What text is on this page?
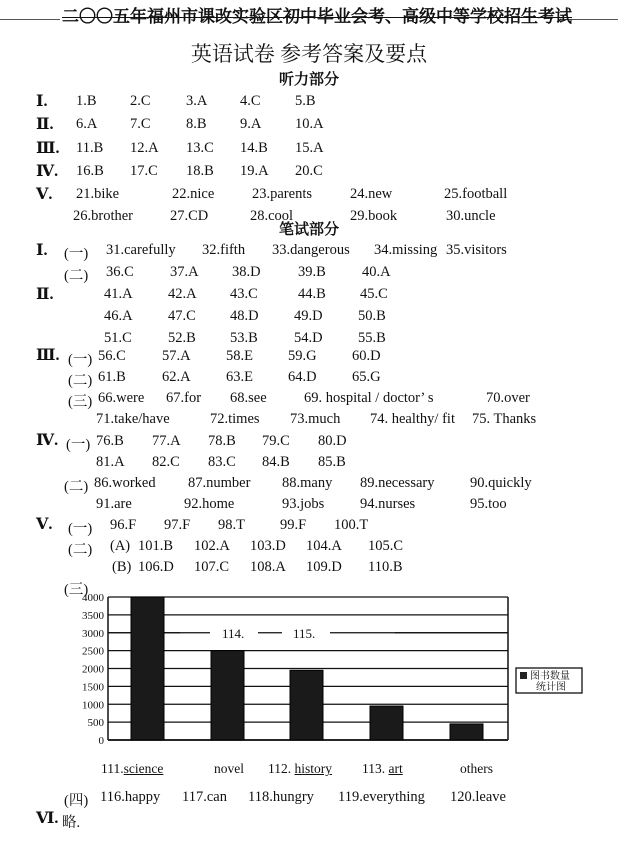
二〇〇五年福州市课改实验区初中毕业会考、高级中等学校招生考试
英语试卷 参考答案及要点
听力部分
笔试部分
0
500
1000
1500
2000
2500
3000
3500
4000
114.	115.
图书数量
统计图
111.science	novel 112. history 113. art	others
Ⅰ. 1.B 2.C 3.A 4.C 5.B
Ⅱ. 6.A 7.C 8.B 9.A 10.A
Ⅲ. 11.B 12.A 13.C 14.B 15.A
Ⅳ. 16.B 17.C 18.B 19.A 20.C
Ⅴ. 21.bike	22.nice	23.parents	24.new	25.football
26.brother	27.CD	28.cool	29.book	30.uncle
Ⅰ. (一) 31.carefully 32.fifth 33.dangerous 34.missing 35.visitors
(二) 36.C 37.A 38.D	39.B 40.A
Ⅱ.	41.A 42.A 43.C	44.B 45.C
46.A 47.C 48.D 49.D 50.B
51.C 52.B 53.B 54.D 55.B
Ⅲ. (一) 56.C 57.A 58.E 59.G 60.D
(二) 61.B 62.A 63.E 64.D 65.G
(三) 66.were 67.for 68.see	69. hospital / doctor’ s	70.over
71.take/have	72.times 73.much 74. healthy/ fit 75. Thanks
Ⅳ. (一) 76.B 77.A 78.B 79.C 80.D
81.A 82.C 83.C 84.B 85.B
(二) 86.worked 87.number 88.many 89.necessary 90.quickly
91.are	92.home	93.jobs 94.nurses	95.too
Ⅴ. (一) 96.F 97.F 98.T 99.F 100.T
(二) (A) 101.B 102.A 103.D 104.A 105.C
(B) 106.D 107.C 108.A 109.D 110.B
(三)
(四) 116.happy 117.can 118.hungry 119.everything 120.leave
Ⅵ. 略.
